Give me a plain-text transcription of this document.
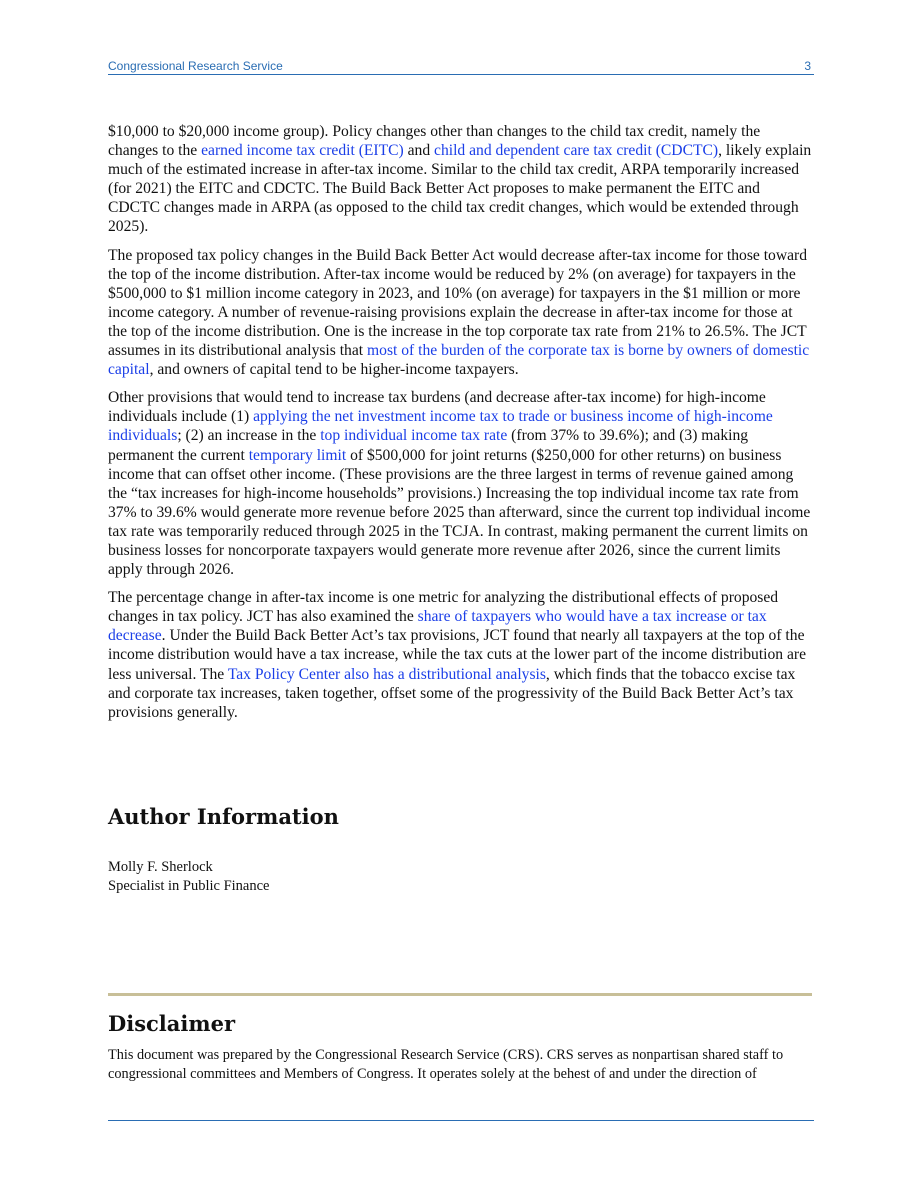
Congressional Research Service	3

$10,000 to $20,000 income group). Policy changes other than changes to the child tax credit, namely the changes to the earned income tax credit (EITC) and child and dependent care tax credit (CDCTC), likely explain much of the estimated increase in after-tax income. Similar to the child tax credit, ARPA temporarily increased (for 2021) the EITC and CDCTC. The Build Back Better Act proposes to make permanent the EITC and CDCTC changes made in ARPA (as opposed to the child tax credit changes, which would be extended through 2025).

The proposed tax policy changes in the Build Back Better Act would decrease after-tax income for those toward the top of the income distribution. After-tax income would be reduced by 2% (on average) for taxpayers in the $500,000 to $1 million income category in 2023, and 10% (on average) for taxpayers in the $1 million or more income category. A number of revenue-raising provisions explain the decrease in after-tax income for those at the top of the income distribution. One is the increase in the top corporate tax rate from 21% to 26.5%. The JCT assumes in its distributional analysis that most of the burden of the corporate tax is borne by owners of domestic capital, and owners of capital tend to be higher-income taxpayers.

Other provisions that would tend to increase tax burdens (and decrease after-tax income) for high-income individuals include (1) applying the net investment income tax to trade or business income of high-income individuals; (2) an increase in the top individual income tax rate (from 37% to 39.6%); and (3) making permanent the current temporary limit of $500,000 for joint returns ($250,000 for other returns) on business income that can offset other income. (These provisions are the three largest in terms of revenue gained among the “tax increases for high-income households” provisions.) Increasing the top individual income tax rate from 37% to 39.6% would generate more revenue before 2025 than afterward, since the current top individual income tax rate was temporarily reduced through 2025 in the TCJA. In contrast, making permanent the current limits on business losses for noncorporate taxpayers would generate more revenue after 2026, since the current limits apply through 2026.

The percentage change in after-tax income is one metric for analyzing the distributional effects of proposed changes in tax policy. JCT has also examined the share of taxpayers who would have a tax increase or tax decrease. Under the Build Back Better Act’s tax provisions, JCT found that nearly all taxpayers at the top of the income distribution would have a tax increase, while the tax cuts at the lower part of the income distribution are less universal. The Tax Policy Center also has a distributional analysis, which finds that the tobacco excise tax and corporate tax increases, taken together, offset some of the progressivity of the Build Back Better Act’s tax provisions generally.

Author Information
Molly F. Sherlock
Specialist in Public Finance
Disclaimer
This document was prepared by the Congressional Research Service (CRS). CRS serves as nonpartisan shared staff to congressional committees and Members of Congress. It operates solely at the behest of and under the direction of
